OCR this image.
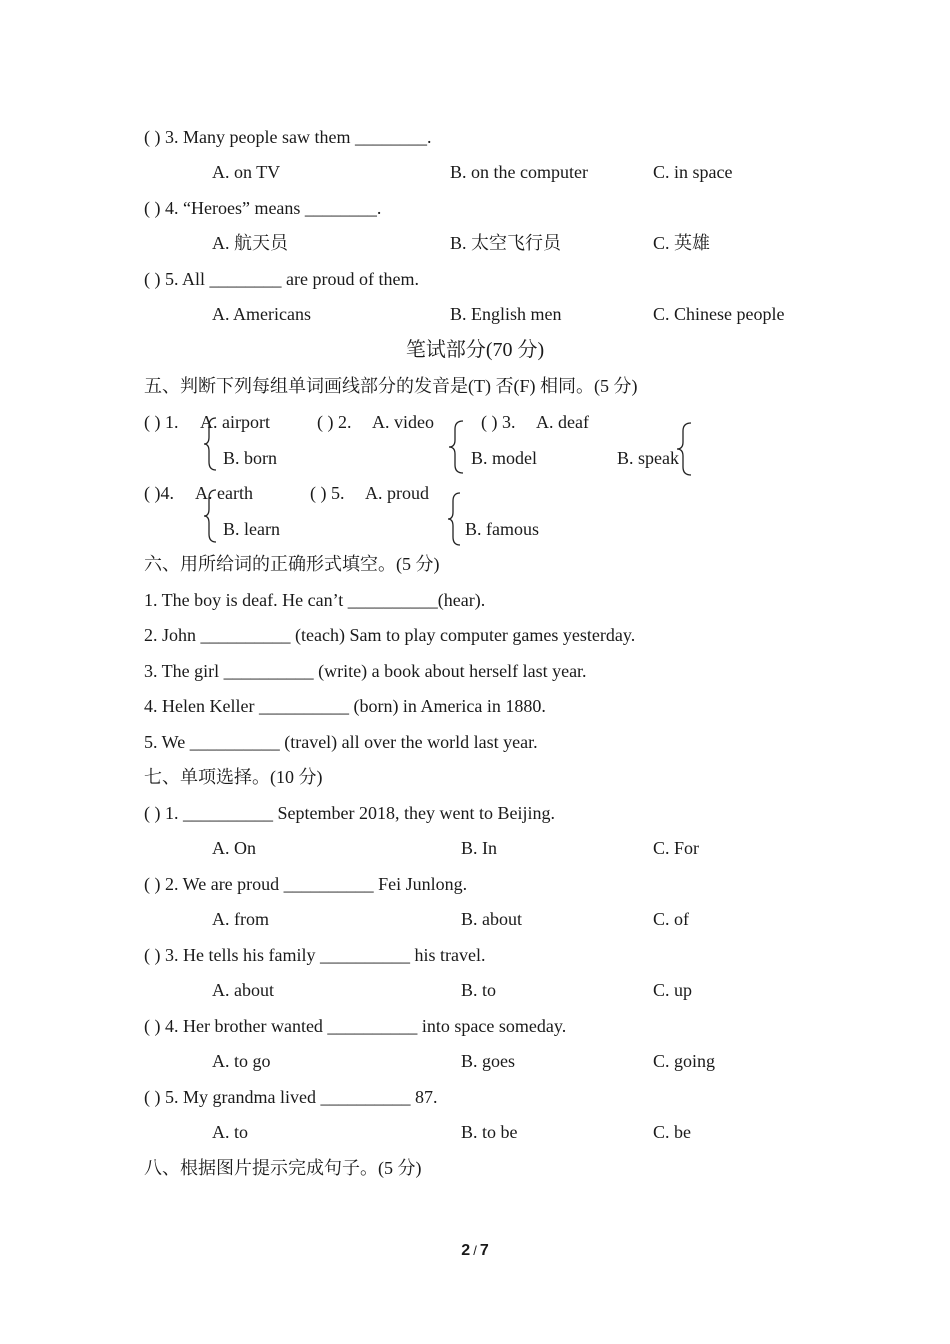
( ) 3. Many people saw them ________.
A. on TV	B. on the computer	C. in space
( ) 4. “Heroes” means ________.
A. 航天员	B. 太空飞行员	C. 英雄
( ) 5. All ________ are proud of them.
A. Americans	B. English men	C. Chinese people
笔试部分(70 分)
五、判断下列每组单词画线部分的发音是(T) 否(F) 相同。(5 分)
( ) 1. A. airport
B. born
( ) 2. A. video
B. model
( ) 3. A. deaf
B. speak
( )4. A. earth
B. learn
( ) 5. A. proud
B. famous
六、用所给词的正确形式填空。(5 分)
1. The boy is deaf. He can’t __________(hear).
2. John __________ (teach) Sam to play computer games yesterday.
3. The girl __________ (write) a book about herself last year.
4. Helen Keller __________ (born) in America in 1880.
5. We __________ (travel) all over the world last year.
七、单项选择。(10 分)
( ) 1. __________ September 2018, they went to Beijing.
A. On	B. In	C. For
( ) 2. We are proud __________ Fei Junlong.
A. from	B. about	C. of
( ) 3. He tells his family __________ his travel.
A. about	B. to	C. up
( ) 4. Her brother wanted __________ into space someday.
A. to go	B. goes	C. going
( ) 5. My grandma lived __________ 87.
A. to	B. to be	C. be
八、根据图片提示完成句子。(5 分)
2 / 7
